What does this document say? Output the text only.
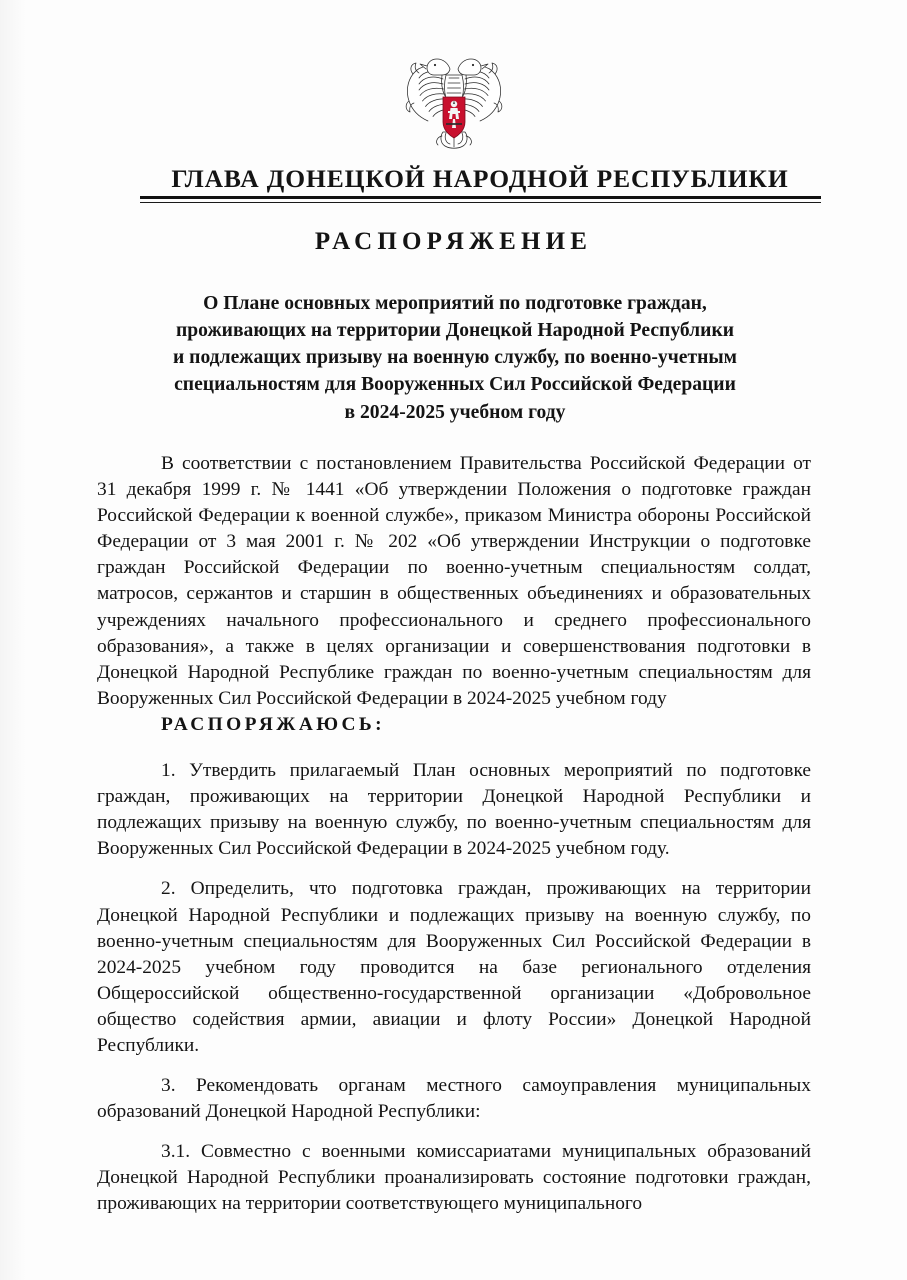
ГЛАВА ДОНЕЦКОЙ НАРОДНОЙ РЕСПУБЛИКИ
РАСПОРЯЖЕНИЕ
О Плане основных мероприятий по подготовке граждан,
проживающих на территории Донецкой Народной Республики
и подлежащих призыву на военную службу, по военно-учетным
специальностям для Вооруженных Сил Российской Федерации
в 2024-2025 учебном году

В соответствии с постановлением Правительства Российской Федерации от 31 декабря 1999 г. № 1441 «Об утверждении Положения о подготовке граждан Российской Федерации к военной службе», приказом Министра обороны Российской Федерации от 3 мая 2001 г. № 202 «Об утверждении Инструкции о подготовке граждан Российской Федерации по военно-учетным специальностям солдат, матросов, сержантов и старшин в общественных объединениях и образовательных учреждениях начального профессионального и среднего профессионального образования», а также в целях организации и совершенствования подготовки в Донецкой Народной Республике граждан по военно-учетным специальностям для Вооруженных Сил Российской Федерации в 2024-2025 учебном году

РАСПОРЯЖАЮСЬ:

1. Утвердить прилагаемый План основных мероприятий по подготовке граждан, проживающих на территории Донецкой Народной Республики и подлежащих призыву на военную службу, по военно-учетным специальностям для Вооруженных Сил Российской Федерации в 2024-2025 учебном году.

2. Определить, что подготовка граждан, проживающих на территории Донецкой Народной Республики и подлежащих призыву на военную службу, по военно-учетным специальностям для Вооруженных Сил Российской Федерации в 2024-2025 учебном году проводится на базе регионального отделения Общероссийской общественно-государственной организации «Добровольное общество содействия армии, авиации и флоту России» Донецкой Народной Республики.

3. Рекомендовать органам местного самоуправления муниципальных образований Донецкой Народной Республики:

3.1. Совместно с военными комиссариатами муниципальных образований Донецкой Народной Республики проанализировать состояние подготовки граждан, проживающих на территории соответствующего муниципального
